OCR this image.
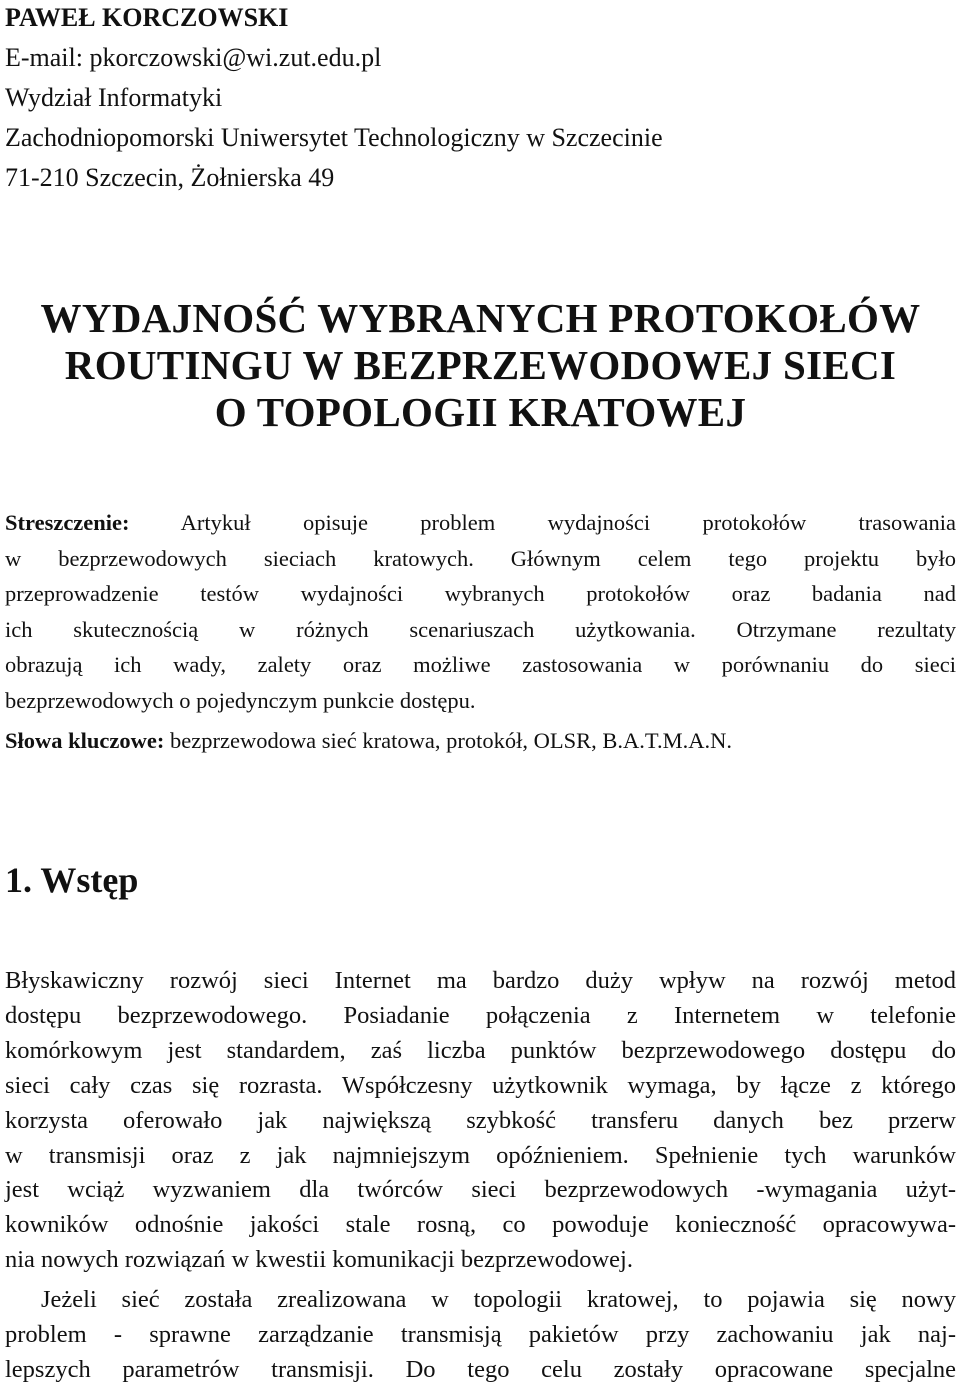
PAWEŁ KORCZOWSKI
E-mail: pkorczowski@wi.zut.edu.pl
Wydział Informatyki
Zachodniopomorski Uniwersytet Technologiczny w Szczecinie
71-210 Szczecin, Żołnierska 49
WYDAJNOŚĆ WYBRANYCH PROTOKOŁÓW
ROUTINGU W BEZPRZEWODOWEJ SIECI
O TOPOLOGII KRATOWEJ
Streszczenie: Artykuł opisuje problem wydajności protokołów trasowania
w bezprzewodowych sieciach kratowych. Głównym celem tego projektu było
przeprowadzenie testów wydajności wybranych protokołów oraz badania nad
ich skutecznością w różnych scenariuszach użytkowania. Otrzymane rezultaty
obrazują ich wady, zalety oraz możliwe zastosowania w porównaniu do sieci
bezprzewodowych o pojedynczym punkcie dostępu.
Słowa kluczowe: bezprzewodowa sieć kratowa, protokół, OLSR, B.A.T.M.A.N.
1. Wstęp
Błyskawiczny rozwój sieci Internet ma bardzo duży wpływ na rozwój metod
dostępu bezprzewodowego. Posiadanie połączenia z Internetem w telefonie
komórkowym jest standardem, zaś liczba punktów bezprzewodowego dostępu do
sieci cały czas się rozrasta. Współczesny użytkownik wymaga, by łącze z którego
korzysta oferowało jak największą szybkość transferu danych bez przerw
w transmisji oraz z jak najmniejszym opóźnieniem. Spełnienie tych warunków
jest wciąż wyzwaniem dla twórców sieci bezprzewodowych -wymagania użyt-
kowników odnośnie jakości stale rosną, co powoduje konieczność opracowywa-
nia nowych rozwiązań w kwestii komunikacji bezprzewodowej.
Jeżeli sieć została zrealizowana w topologii kratowej, to pojawia się nowy
problem - sprawne zarządzanie transmisją pakietów przy zachowaniu jak naj-
lepszych parametrów transmisji. Do tego celu zostały opracowane specjalne
